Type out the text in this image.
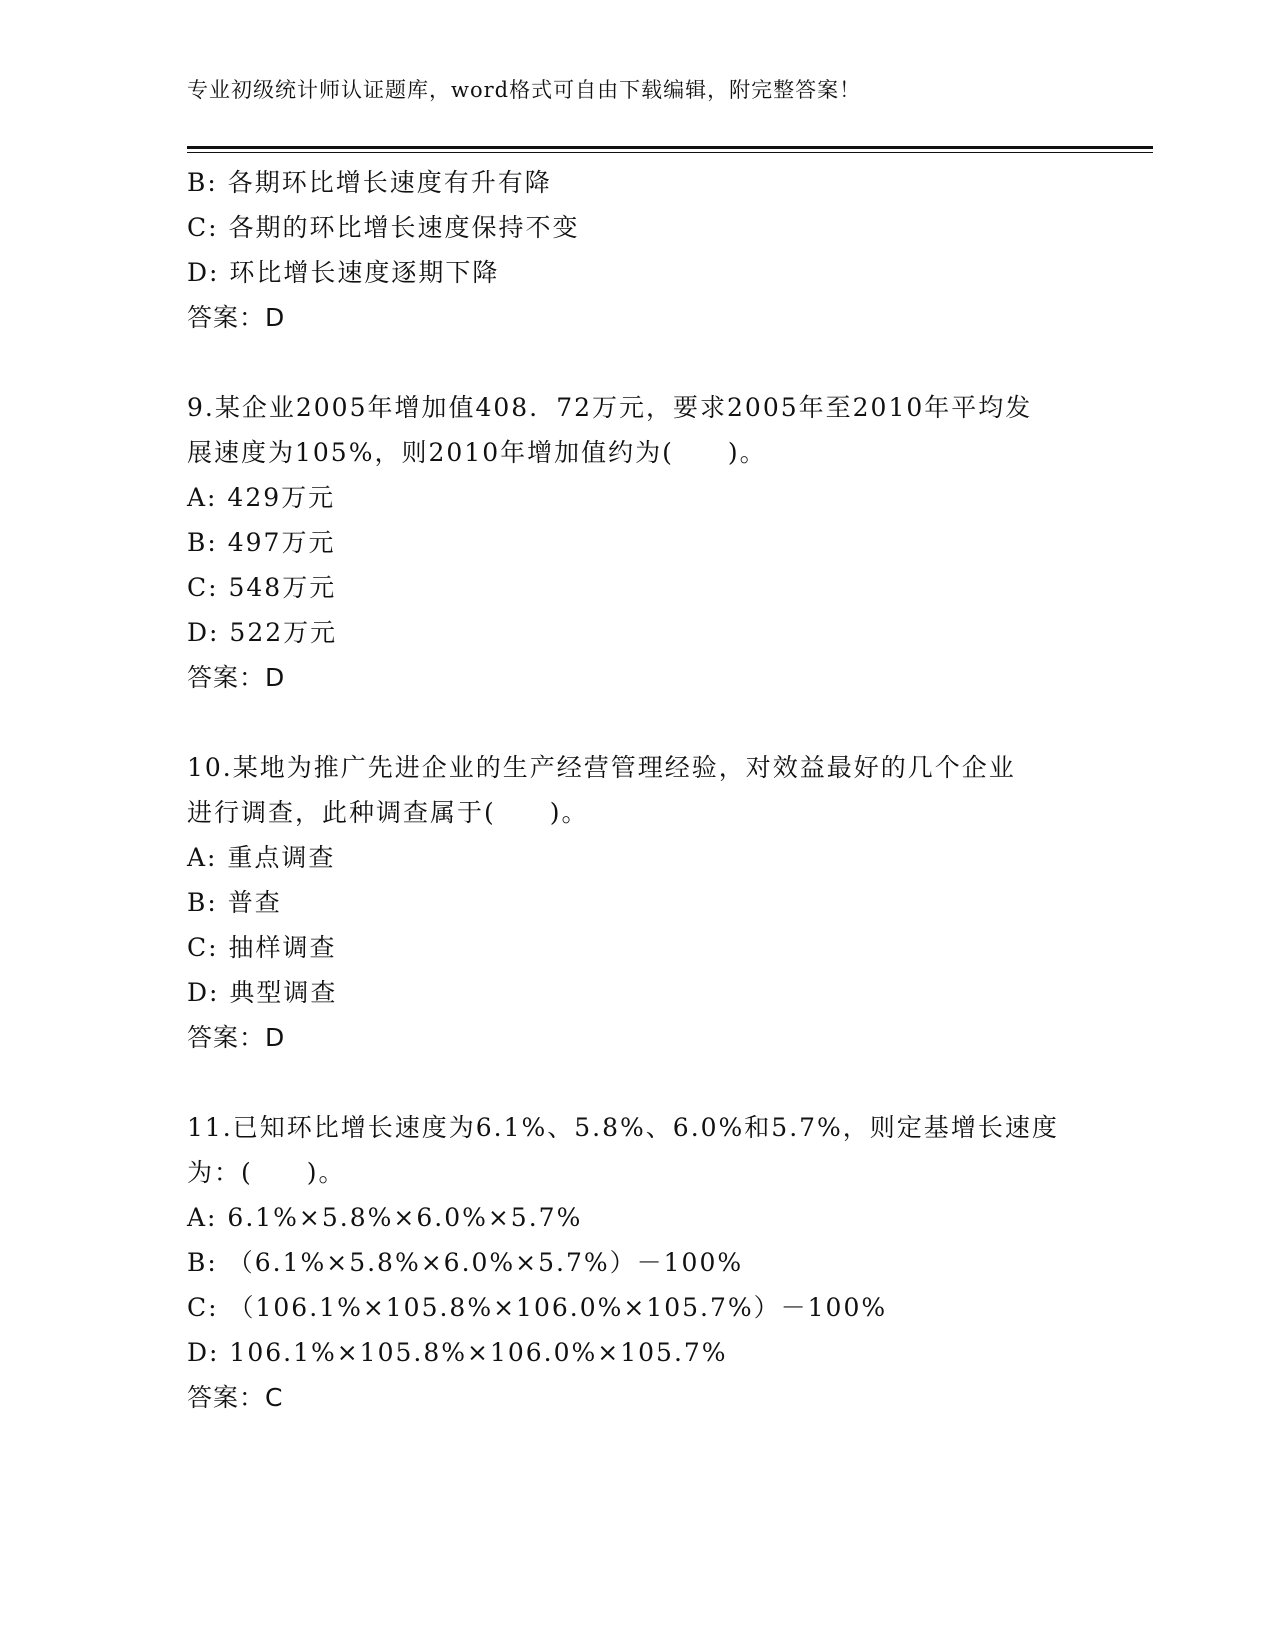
专业初级统计师认证题库，word格式可自由下载编辑，附完整答案！
B: 各期环比增长速度有升有降
C: 各期的环比增长速度保持不变
D: 环比增长速度逐期下降
答案：D
9.某企业2005年增加值408．72万元，要求2005年至2010年平均发
展速度为105%，则2010年增加值约为(　　)。
A: 429万元
B: 497万元
C: 548万元
D: 522万元
答案：D
10.某地为推广先进企业的生产经营管理经验，对效益最好的几个企业
进行调查，此种调查属于(　　)。
A: 重点调查
B: 普查
C: 抽样调查
D: 典型调查
答案：D
11.已知环比增长速度为6.1%、5.8%、6.0%和5.7%，则定基增长速度
为：(　　)。
A: 6.1%×5.8%×6.0%×5.7%
B: （6.1%×5.8%×6.0%×5.7%）－100%
C: （106.1%×105.8%×106.0%×105.7%）－100%
D: 106.1%×105.8%×106.0%×105.7%
答案：C
